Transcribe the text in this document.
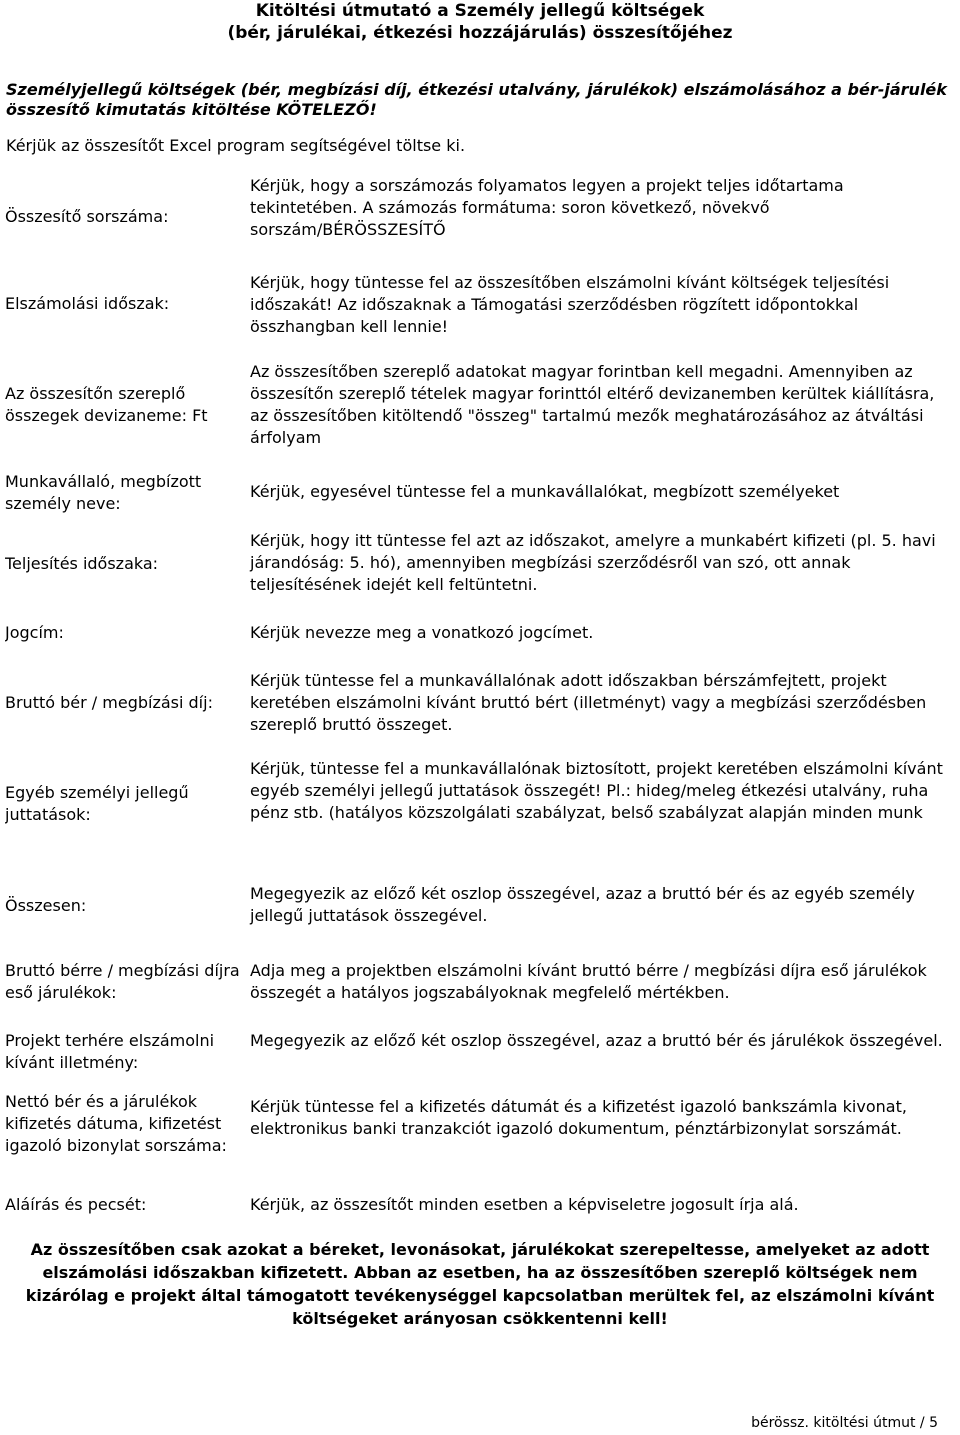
Kitöltési útmutató a Személy jellegű költségek
(bér, járulékai, étkezési hozzájárulás) összesítőjéhez
Személyjellegű költségek (bér, megbízási díj, étkezési utalvány, járulékok) elszámolásához a bér-járulék összesítő kimutatás kitöltése KÖTELEZŐ!
Kérjük az összesítőt Excel program segítségével töltse ki.
Összesítő sorszáma:
Kérjük, hogy a sorszámozás folyamatos legyen a projekt teljes időtartama tekintetében. A számozás formátuma: soron következő, növekvő sorszám/BÉRÖSSZESÍTŐ
Elszámolási időszak:
Kérjük, hogy tüntesse fel az összesítőben elszámolni kívánt költségek teljesítési időszakát! Az időszaknak a Támogatási szerződésben rögzített időpontokkal összhangban kell lennie!
Az összesítőn szereplő összegek devizaneme: Ft
Az összesítőben szereplő adatokat magyar forintban kell megadni. Amennyiben az összesítőn szereplő tételek magyar forinttól eltérő devizanemben kerültek kiállításra, az összesítőben kitöltendő "összeg" tartalmú mezők meghatározásához az átváltási árfolyam
Munkavállaló, megbízott személy neve:
Kérjük, egyesével tüntesse fel a munkavállalókat, megbízott személyeket
Teljesítés időszaka:
Kérjük, hogy itt tüntesse fel azt az időszakot, amelyre a munkabért kifizeti (pl. 5. havi járandóság: 5. hó), amennyiben megbízási szerződésről van szó, ott annak teljesítésének idejét kell feltüntetni.
Jogcím:	Kérjük nevezze meg a vonatkozó jogcímet.
Bruttó bér / megbízási díj:
Kérjük tüntesse fel a munkavállalónak adott időszakban bérszámfejtett, projekt keretében elszámolni kívánt bruttó bért (illetményt) vagy a megbízási szerződésben szereplő bruttó összeget.
Egyéb személyi jellegű juttatások:
Kérjük, tüntesse fel a munkavállalónak biztosított, projekt keretében elszámolni kívánt egyéb személyi jellegű juttatások összegét! Pl.: hideg/meleg étkezési utalvány, ruha pénz stb. (hatályos közszolgálati szabályzat, belső szabályzat alapján minden munk
Összesen:
Megegyezik az előző két oszlop összegével, azaz a bruttó bér és az egyéb személy jellegű juttatások összegével.
Bruttó bérre / megbízási díjra eső járulékok:
Adja meg a projektben elszámolni kívánt bruttó bérre / megbízási díjra eső járulékok összegét a hatályos jogszabályoknak megfelelő mértékben.
Projekt terhére elszámolni kívánt illetmény:
Megegyezik az előző két oszlop összegével, azaz a bruttó bér és járulékok összegével.
Nettó bér és a járulékok kifizetés dátuma, kifizetést igazoló bizonylat sorszáma:
Kérjük tüntesse fel a kifizetés dátumát és a kifizetést igazoló bankszámla kivonat, elektronikus banki tranzakciót igazoló dokumentum, pénztárbizonylat sorszámát.
Aláírás és pecsét:	Kérjük, az összesítőt minden esetben a képviseletre jogosult írja alá.
Az összesítőben csak azokat a béreket, levonásokat, járulékokat szerepeltesse, amelyeket az adott elszámolási időszakban kifizetett. Abban az esetben, ha az összesítőben szereplő költségek nem kizárólag e projekt által támogatott tevékenységgel kapcsolatban merültek fel, az elszámolni kívánt költségeket arányosan csökkentenni kell!
bérössz. kitöltési útmut / 5
